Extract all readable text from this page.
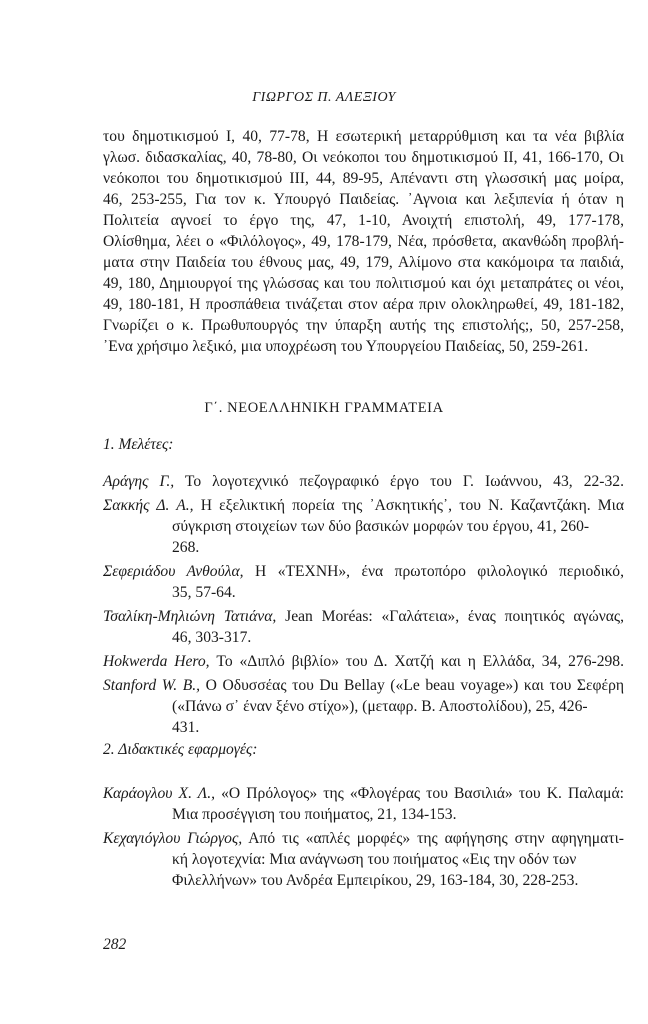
ΓΙΩΡΓΟΣ Π. ΑΛΕΞΙΟΥ
του δημοτικισμού Ι, 40, 77-78, Η εσωτερική μεταρρύθμιση και τα νέα βιβλία
γλωσ. διδασκαλίας, 40, 78-80, Οι νεόκοποι του δημοτικισμού ΙΙ, 41, 166-170, Οι
νεόκοποι του δημοτικισμού ΙΙΙ, 44, 89-95, Απέναντι στη γλωσσική μας μοίρα,
46, 253-255, Για τον κ. Υπουργό Παιδείας. ᾿Αγνοια και λεξιπενία ή όταν η
Πολιτεία αγνοεί το έργο της, 47, 1-10, Ανοιχτή επιστολή, 49, 177-178,
Ολίσθημα, λέει ο «Φιλόλογος», 49, 178-179, Νέα, πρόσθετα, ακανθώδη προβλή-
ματα στην Παιδεία του έθνους μας, 49, 179, Αλίμονο στα κακόμοιρα τα παιδιά,
49, 180, Δημιουργοί της γλώσσας και του πολιτισμού και όχι μεταπράτες οι νέοι,
49, 180-181, Η προσπάθεια τινάζεται στον αέρα πριν ολοκληρωθεί, 49, 181-182,
Γνωρίζει ο κ. Πρωθυπουργός την ύπαρξη αυτής της επιστολής;, 50, 257-258,
᾿Ενα χρήσιμο λεξικό, μια υποχρέωση του Υπουργείου Παιδείας, 50, 259-261.
Γ΄. ΝΕΟΕΛΛΗΝΙΚΗ ΓΡΑΜΜΑΤΕΙΑ
1. Μελέτες:
Αράγης Γ., Το λογοτεχνικό πεζογραφικό έργο του Γ. Ιωάννου, 43, 22-32.
Σακκής Δ. Α., Η εξελικτική πορεία της ᾿Ασκητικής᾿, του Ν. Καζαντζάκη. Μια
σύγκριση στοιχείων των δύο βασικών μορφών του έργου, 41, 260-
268.
Σεφεριάδου Ανθούλα, Η «ΤΕΧΝΗ», ένα πρωτοπόρο φιλολογικό περιοδικό,
35, 57-64.
Τσαλίκη-Μηλιώνη Τατιάνα, Jean Moréas: «Γαλάτεια», ένας ποιητικός αγώνας,
46, 303-317.
Hokwerda Hero, Το «Διπλό βιβλίο» του Δ. Χατζή και η Ελλάδα, 34, 276-298.
Stanford W. B., Ο Οδυσσέας του Du Bellay («Le beau voyage») και του Σεφέρη
(«Πάνω σ᾿ έναν ξένο στίχο»), (μεταφρ. Β. Αποστολίδου), 25, 426-
431.
2. Διδακτικές εφαρμογές:
Καράογλου Χ. Λ., «Ο Πρόλογος» της «Φλογέρας του Βασιλιά» του Κ. Παλαμά:
Μια προσέγγιση του ποιήματος, 21, 134-153.
Κεχαγιόγλου Γιώργος, Από τις «απλές μορφές» της αφήγησης στην αφηγηματι-
κή λογοτεχνία: Μια ανάγνωση του ποιήματος «Εις την οδόν των
Φιλελλήνων» του Ανδρέα Εμπειρίκου, 29, 163-184, 30, 228-253.
282
